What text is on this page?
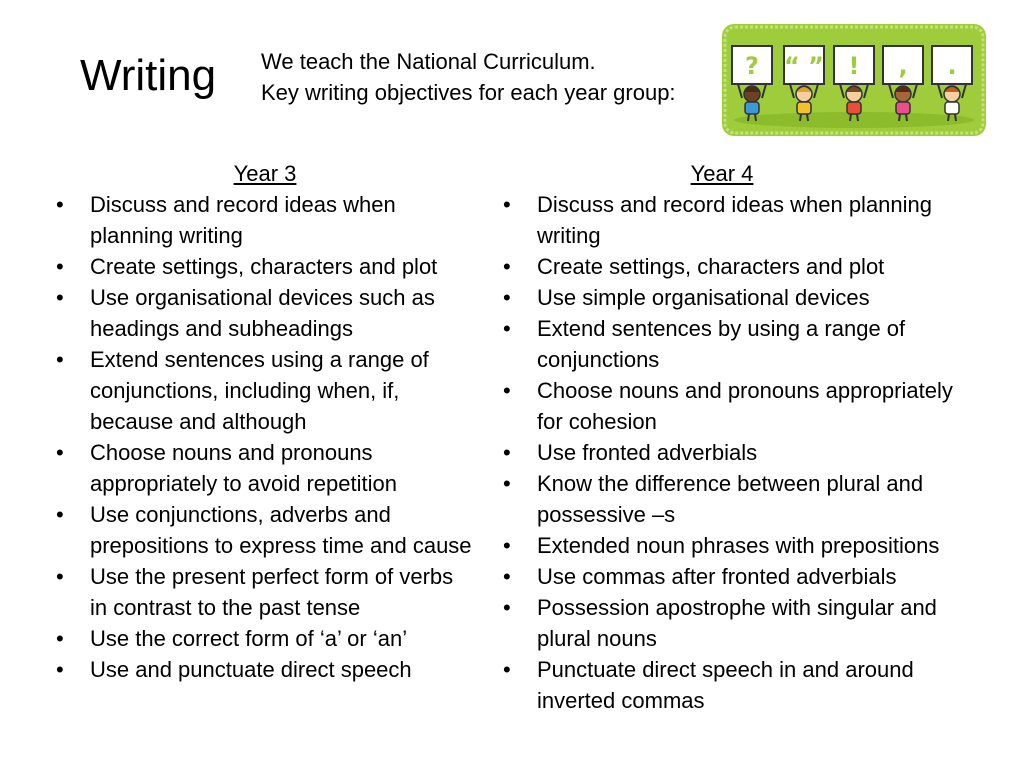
Writing We teach the National Curriculum.
Key writing objectives for each year group:
? “ ” ! , .
Year 3
• Discuss and record ideas when planning writing
• Create settings, characters and plot
• Use organisational devices such as headings and subheadings
• Extend sentences using a range of conjunctions, including when, if, because and although
• Choose nouns and pronouns appropriately to avoid repetition
• Use conjunctions, adverbs and prepositions to express time and cause
• Use the present perfect form of verbs in contrast to the past tense
• Use the correct form of ‘a’ or ‘an’
• Use and punctuate direct speech
Year 4
• Discuss and record ideas when planning writing
• Create settings, characters and plot
• Use simple organisational devices
• Extend sentences by using a range of conjunctions
• Choose nouns and pronouns appropriately for cohesion
• Use fronted adverbials
• Know the difference between plural and possessive –s
• Extended noun phrases with prepositions
• Use commas after fronted adverbials
• Possession apostrophe with singular and plural nouns
• Punctuate direct speech in and around inverted commas
